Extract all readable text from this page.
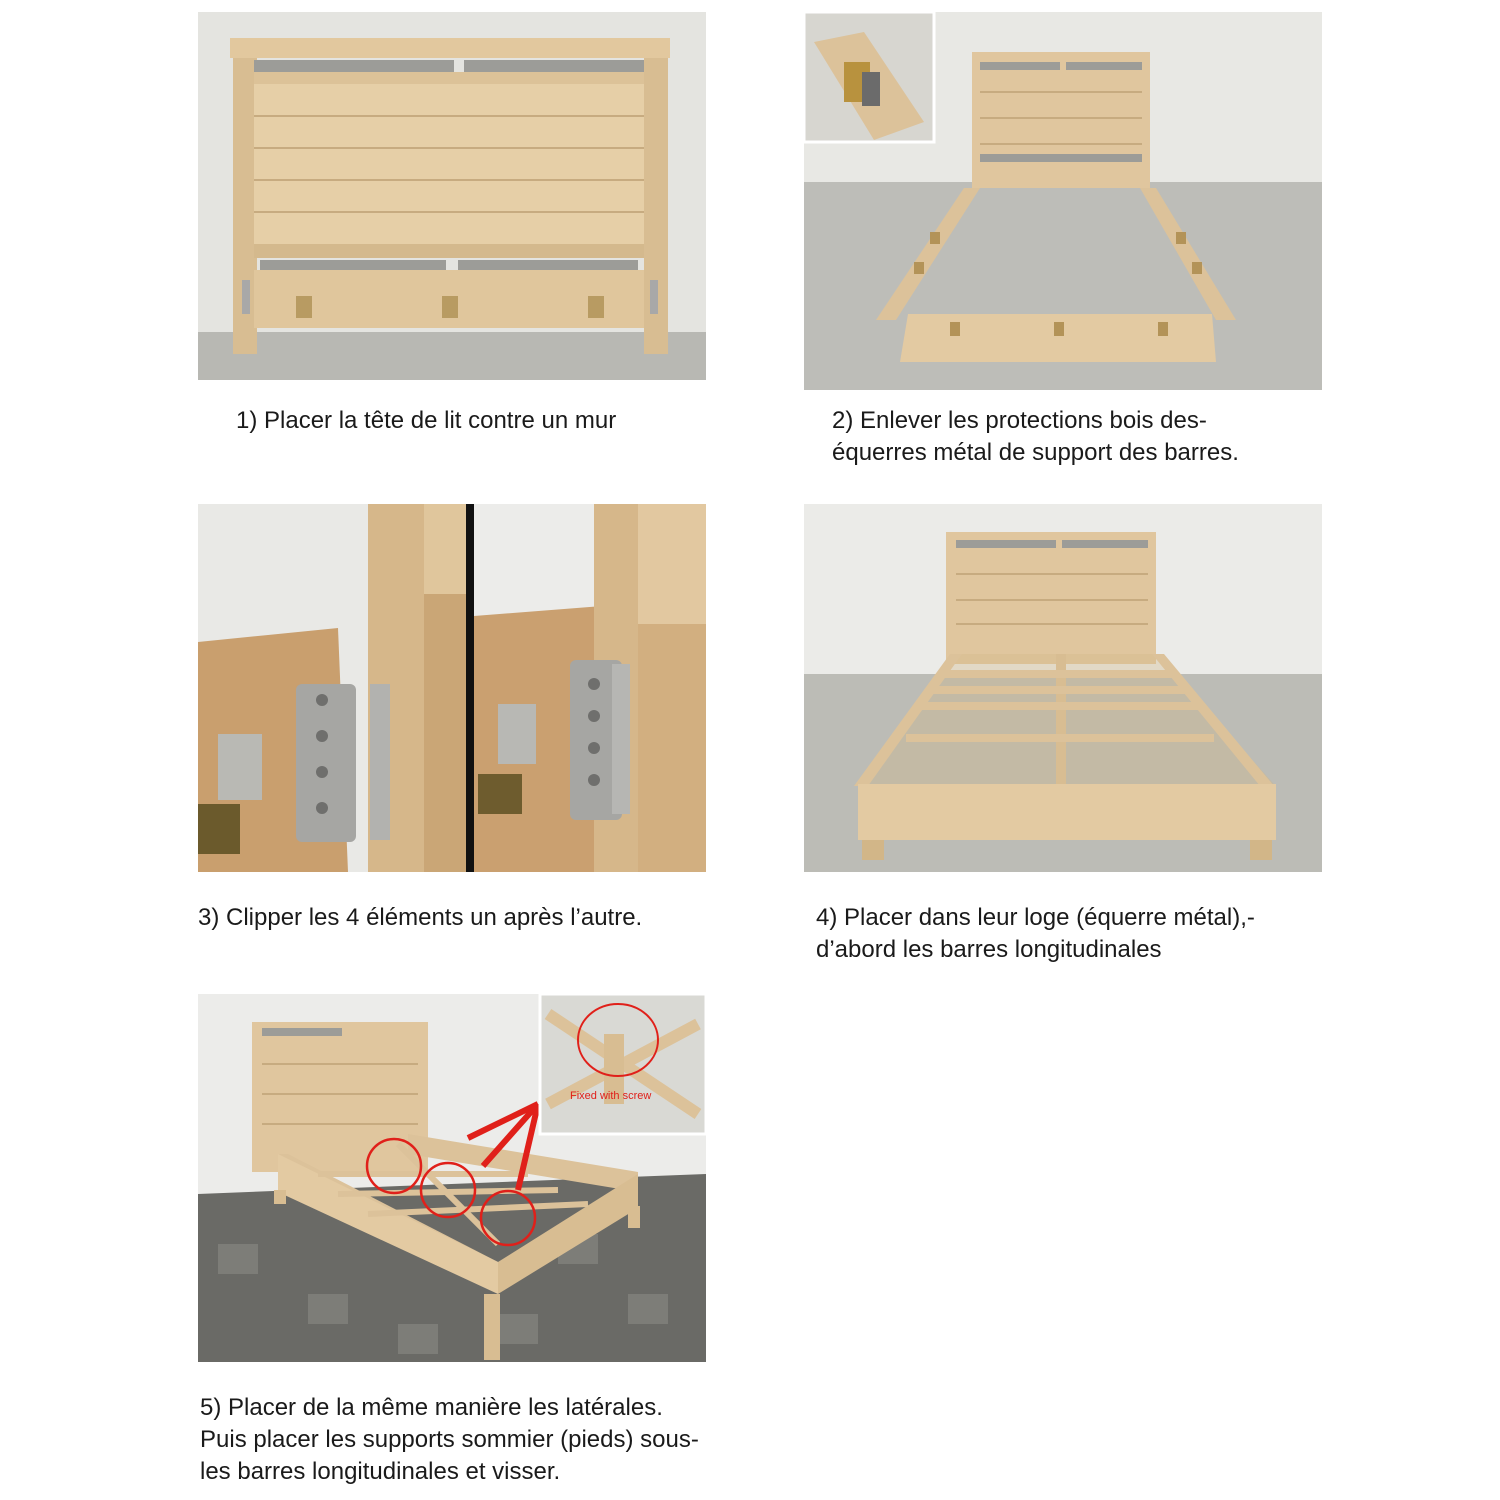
1) Placer la tête de lit contre un mur	2) Enlever les protections bois des-
équerres métal de support des barres.
3) Clipper les 4 éléments un après l’autre.	4) Placer dans leur loge (équerre métal),-
d’abord les barres longitudinales
Fixed with screw
5) Placer de la même manière les latérales.
Puis placer les supports sommier (pieds) sous-
les barres longitudinales et visser.
